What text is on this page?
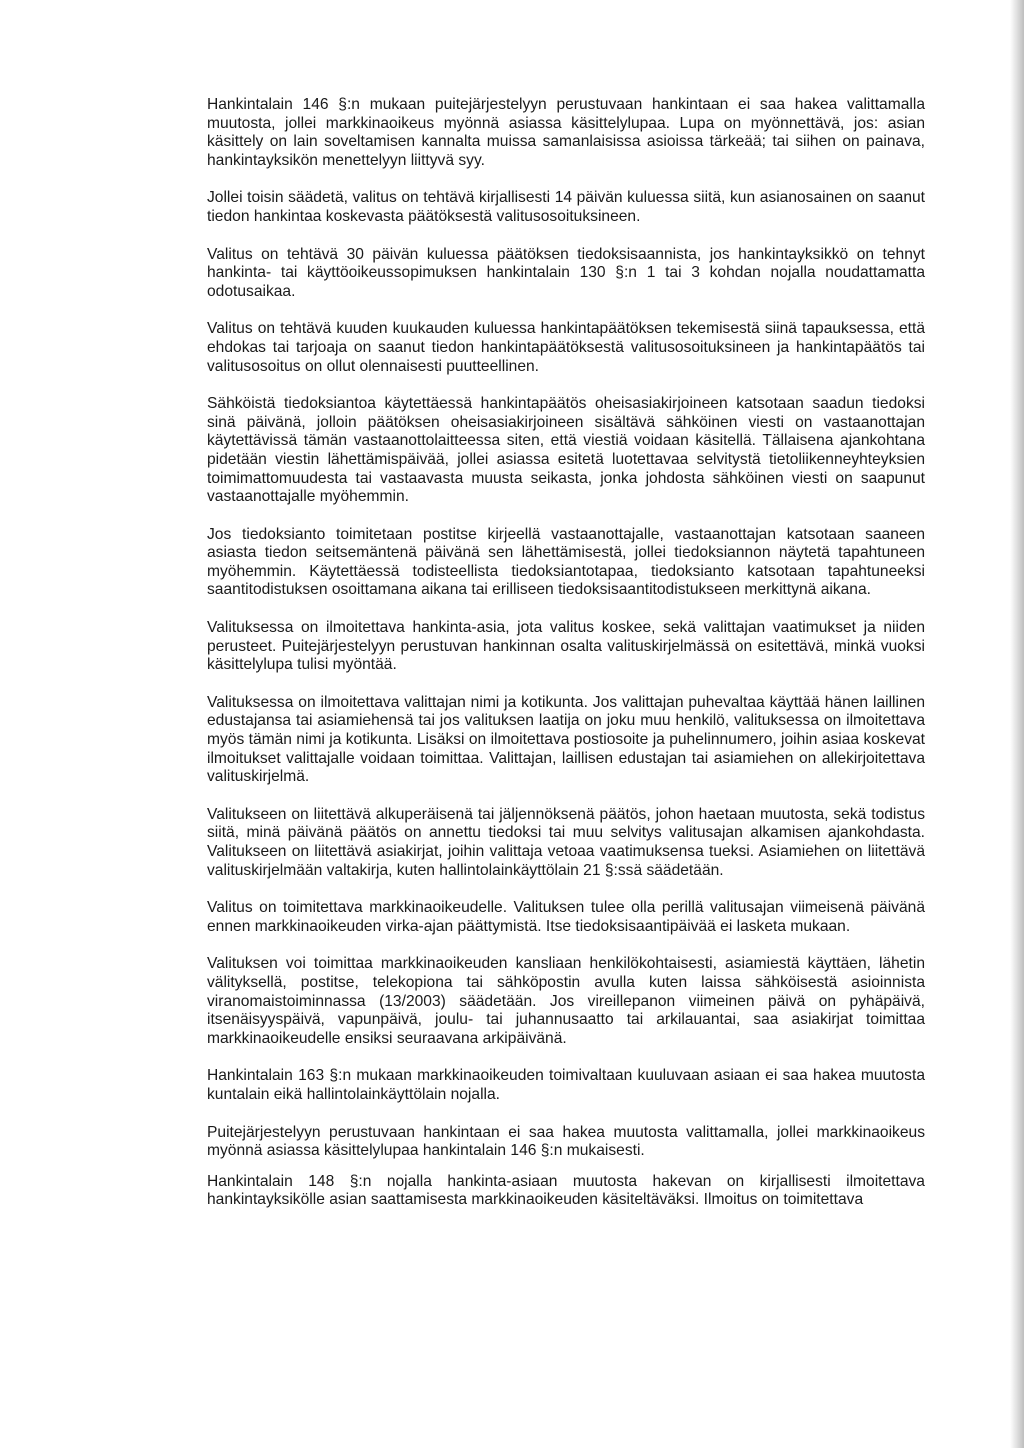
Hankintalain 146 §:n mukaan puitejärjestelyyn perustuvaan hankintaan ei saa hakea valittamalla muutosta, jollei markkinaoikeus myönnä asiassa käsittelylupaa. Lupa on myönnettävä, jos: asian käsittely on lain soveltamisen kannalta muissa samanlaisissa asioissa tärkeää; tai siihen on painava, hankintayksikön menettelyyn liittyvä syy.

Jollei toisin säädetä, valitus on tehtävä kirjallisesti 14 päivän kuluessa siitä, kun asianosainen on saanut tiedon hankintaa koskevasta päätöksestä valitusosoituksineen.

Valitus on tehtävä 30 päivän kuluessa päätöksen tiedoksisaannista, jos hankintayksikkö on tehnyt hankinta- tai käyttöoikeussopimuksen hankintalain 130 §:n 1 tai 3 kohdan nojalla noudattamatta odotusaikaa.

Valitus on tehtävä kuuden kuukauden kuluessa hankintapäätöksen tekemisestä siinä tapauksessa, että ehdokas tai tarjoaja on saanut tiedon hankintapäätöksestä valitusosoituksineen ja hankintapäätös tai valitusosoitus on ollut olennaisesti puutteellinen.

Sähköistä tiedoksiantoa käytettäessä hankintapäätös oheisasiakirjoineen katsotaan saadun tiedoksi sinä päivänä, jolloin päätöksen oheisasiakirjoineen sisältävä sähköinen viesti on vastaanottajan käytettävissä tämän vastaanottolaitteessa siten, että viestiä voidaan käsitellä. Tällaisena ajankohtana pidetään viestin lähettämispäivää, jollei asiassa esitetä luotettavaa selvitystä tietoliikenneyhteyksien toimimattomuudesta tai vastaavasta muusta seikasta, jonka johdosta sähköinen viesti on saapunut vastaanottajalle myöhemmin.

Jos tiedoksianto toimitetaan postitse kirjeellä vastaanottajalle, vastaanottajan katsotaan saaneen asiasta tiedon seitsemäntenä päivänä sen lähettämisestä, jollei tiedoksiannon näytetä tapahtuneen myöhemmin. Käytettäessä todisteellista tiedoksiantotapaa, tiedoksianto katsotaan tapahtuneeksi saantitodistuksen osoittamana aikana tai erilliseen tiedoksisaantitodistukseen merkittynä aikana.

Valituksessa on ilmoitettava hankinta-asia, jota valitus koskee, sekä valittajan vaatimukset ja niiden perusteet. Puitejärjestelyyn perustuvan hankinnan osalta valituskirjelmässä on esitettävä, minkä vuoksi käsittelylupa tulisi myöntää.

Valituksessa on ilmoitettava valittajan nimi ja kotikunta. Jos valittajan puhevaltaa käyttää hänen laillinen edustajansa tai asiamiehensä tai jos valituksen laatija on joku muu henkilö, valituksessa on ilmoitettava myös tämän nimi ja kotikunta. Lisäksi on ilmoitettava postiosoite ja puhelinnumero, joihin asiaa koskevat ilmoitukset valittajalle voidaan toimittaa. Valittajan, laillisen edustajan tai asiamiehen on allekirjoitettava valituskirjelmä.

Valitukseen on liitettävä alkuperäisenä tai jäljennöksenä päätös, johon haetaan muutosta, sekä todistus siitä, minä päivänä päätös on annettu tiedoksi tai muu selvitys valitusajan alkamisen ajankohdasta. Valitukseen on liitettävä asiakirjat, joihin valittaja vetoaa vaatimuksensa tueksi. Asiamiehen on liitettävä valituskirjelmään valtakirja, kuten hallintolainkäyttölain 21 §:ssä säädetään.

Valitus on toimitettava markkinaoikeudelle. Valituksen tulee olla perillä valitusajan viimeisenä päivänä ennen markkinaoikeuden virka-ajan päättymistä. Itse tiedoksisaantipäivää ei lasketa mukaan.

Valituksen voi toimittaa markkinaoikeuden kansliaan henkilökohtaisesti, asiamiestä käyttäen, lähetin välityksellä, postitse, telekopiona tai sähköpostin avulla kuten laissa sähköisestä asioinnista viranomaistoiminnassa (13/2003) säädetään. Jos vireillepanon viimeinen päivä on pyhäpäivä, itsenäisyyspäivä, vapunpäivä, joulu- tai juhannusaatto tai arkilauantai, saa asiakirjat toimittaa markkinaoikeudelle ensiksi seuraavana arkipäivänä.

Hankintalain 163 §:n mukaan markkinaoikeuden toimivaltaan kuuluvaan asiaan ei saa hakea muutosta kuntalain eikä hallintolainkäyttölain nojalla.

Puitejärjestelyyn perustuvaan hankintaan ei saa hakea muutosta valittamalla, jollei markkinaoikeus myönnä asiassa käsittelylupaa hankintalain 146 §:n mukaisesti.

Hankintalain 148 §:n nojalla hankinta-asiaan muutosta hakevan on kirjallisesti ilmoitettava hankintayksikölle asian saattamisesta markkinaoikeuden käsiteltäväksi. Ilmoitus on toimitettava
